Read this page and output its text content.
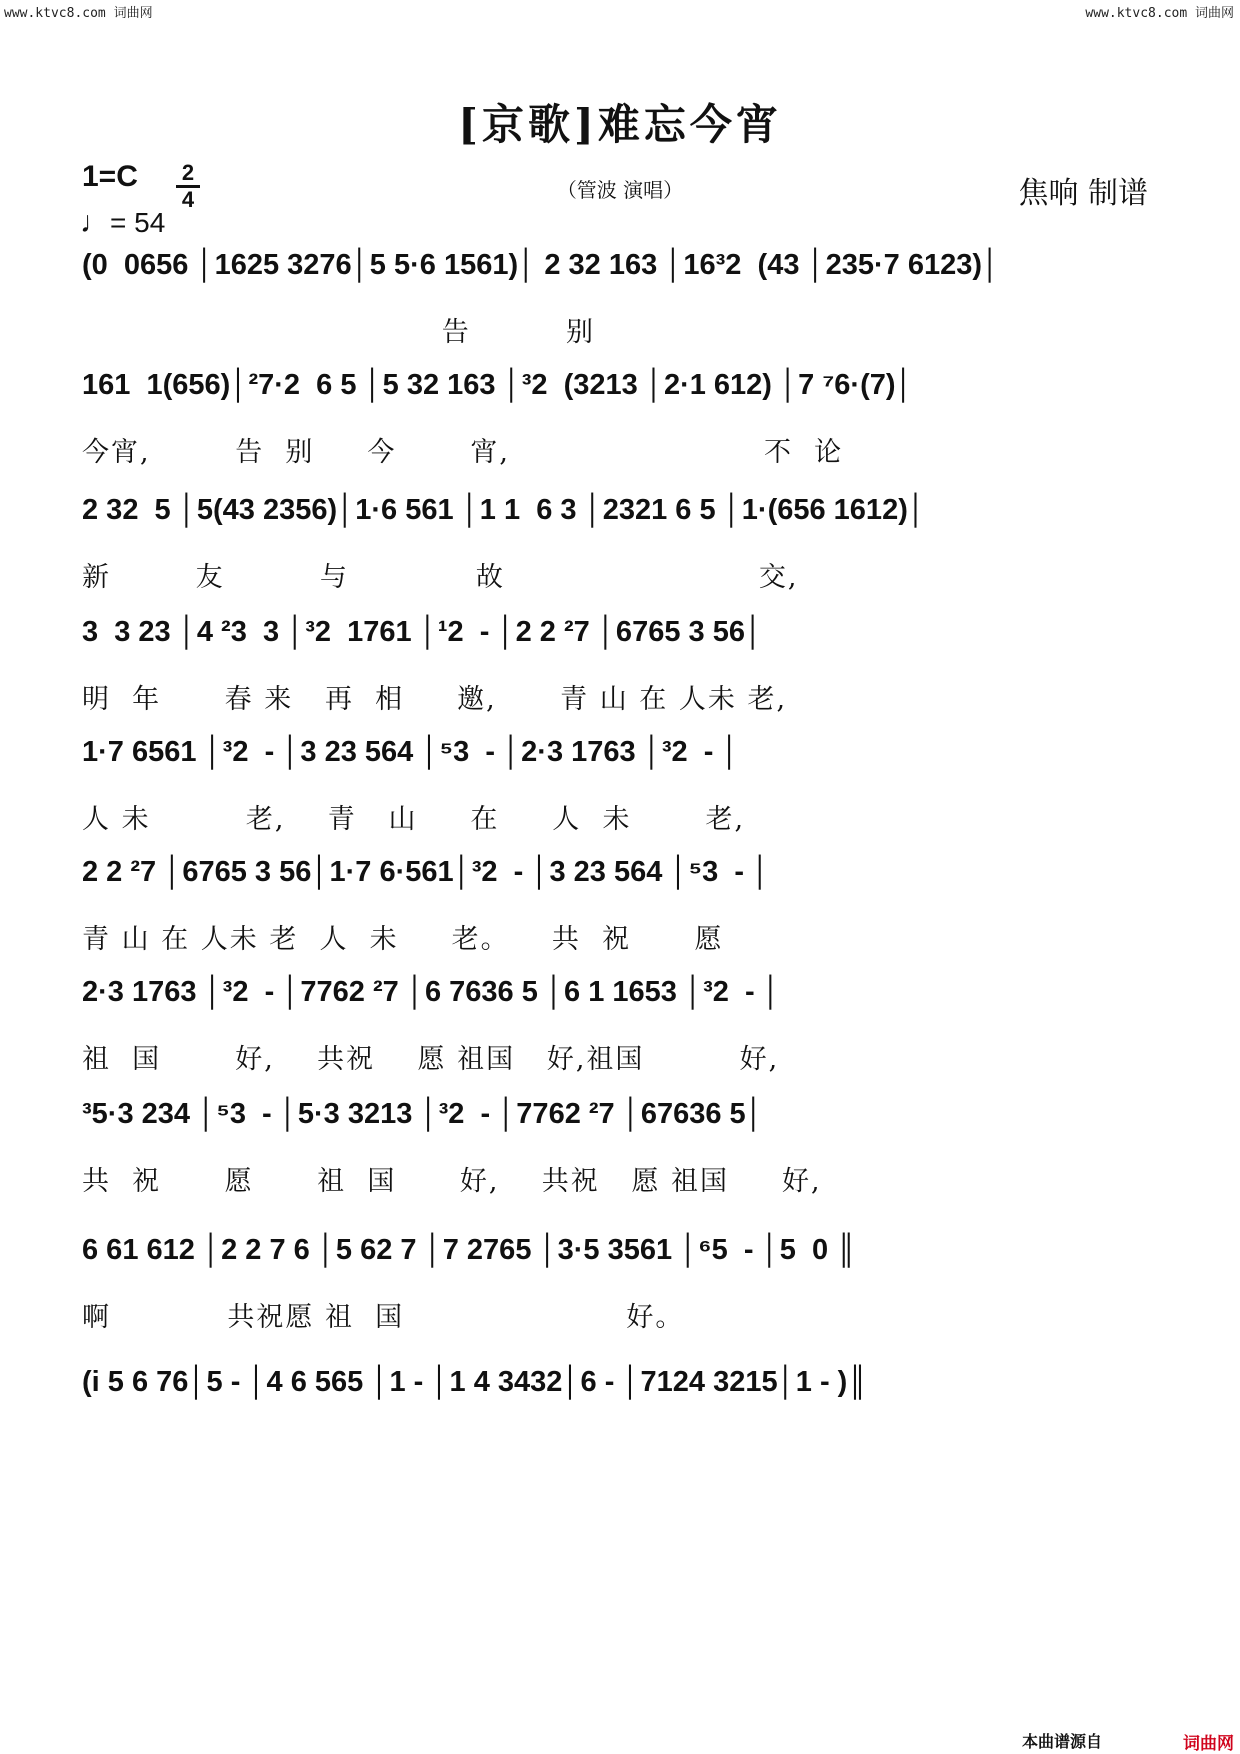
www.ktvc8.com 词曲网	www.ktvc8.com 词曲网
[京歌]难忘今宵
1=C 2
4
♩= 54
（管波 演唱）	焦响 制谱
(0  0656 │1625 3276│5 5·6 1561)│ 2 32 163 │16³2  (43 │235·7 6123)│
告         别
161  1(656)│²7·2  6 5 │5 32 163 │³2  (3213 │2·1 612) │7 ⁷6·(7)│
今宵,        告  别     今       宵,                        不  论
2 32  5 │5(43 2356)│1·6 561 │1 1  6 3 │2321 6 5 │1·(656 1612)│
新        友         与            故                        交,
3  3 23 │4 ²3  3 │³2  1761 │¹2  - │2 2 ²7 │6765 3 56│
明  年      春 来   再  相     邀,      青 山 在 人未 老,
1·7 6561 │³2  - │3 23 564 │⁵3  - │2·3 1763 │³2  - │
人 未         老,    青   山     在     人  未       老,
2 2 ²7 │6765 3 56│1·7 6·561│³2  - │3 23 564 │⁵3  - │
青 山 在 人未 老  人  未     老。    共  祝      愿
2·3 1763 │³2  - │7762 ²7 │6 7636 5 │6 1 1653 │³2  - │
祖  国       好,    共祝    愿 祖国   好,祖国         好,
³5·3 234 │⁵3  - │5·3 3213 │³2  - │7762 ²7 │67636 5│
共  祝      愿      祖  国      好,    共祝   愿 祖国     好,
6 61 612 │2 2 7 6 │5 62 7 │7 2765 │3·5 3561 │⁶5  - │5  0 ║
啊           共祝愿 祖  国                     好。
(i 5 6 76│5 - │4 6 565 │1 - │1 4 3432│6 - │7124 3215│1 - )║
本曲谱源自	词曲网
